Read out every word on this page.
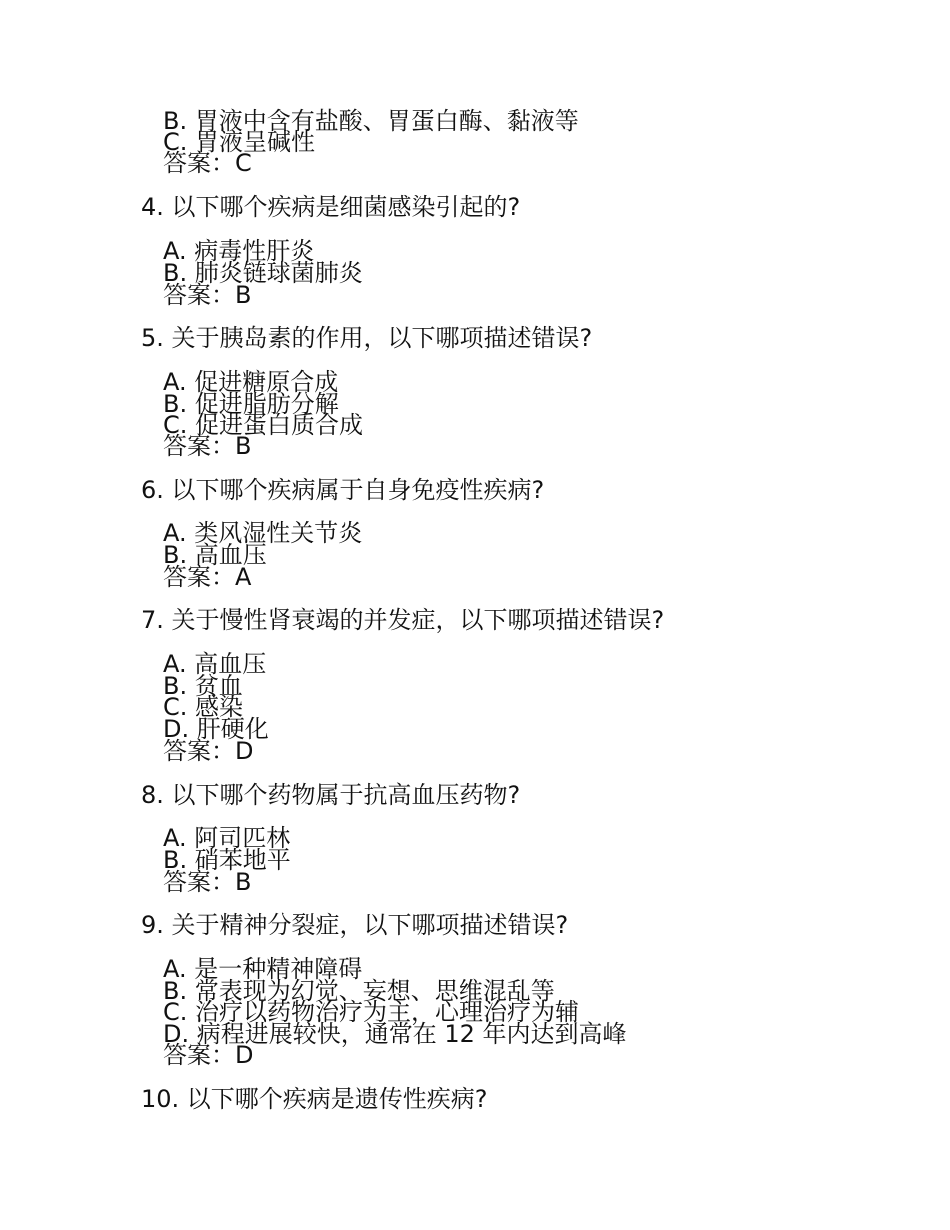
B. 胃液中含有盐酸、胃蛋白酶、黏液等
C. 胃液呈碱性
答案：C
4. 以下哪个疾病是细菌感染引起的?
A. 病毒性肝炎
B. 肺炎链球菌肺炎
答案：B
5. 关于胰岛素的作用，以下哪项描述错误?
A. 促进糖原合成
B. 促进脂肪分解
C. 促进蛋白质合成
答案：B
6. 以下哪个疾病属于自身免疫性疾病?
A. 类风湿性关节炎
B. 高血压
答案：A
7. 关于慢性肾衰竭的并发症，以下哪项描述错误?
A. 高血压
B. 贫血
C. 感染
D. 肝硬化
答案：D
8. 以下哪个药物属于抗高血压药物?
A. 阿司匹林
B. 硝苯地平
答案：B
9. 关于精神分裂症，以下哪项描述错误?
A. 是一种精神障碍
B. 常表现为幻觉、妄想、思维混乱等
C. 治疗以药物治疗为主，心理治疗为辅
D. 病程进展较快，通常在 12 年内达到高峰
答案：D
10. 以下哪个疾病是遗传性疾病?
